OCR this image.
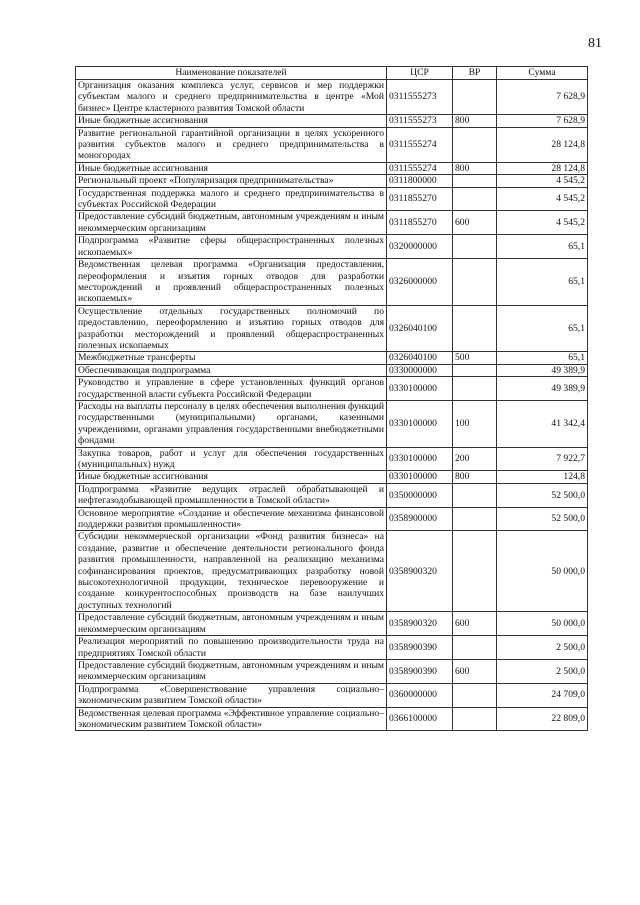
81
Наименование показателей	ЦСР	ВР	Сумма
Организация оказания комплекса услуг, сервисов и мер поддержки субъектам малого и среднего предпринимательства в центре «Мой бизнес» Центре кластерного развития Томской области	0311555273		7 628,9
Иные бюджетные ассигнования	0311555273	800	7 628,9
Развитие региональной гарантийной организации в целях ускоренного развития субъектов малого и среднего предпринимательства в моногородах	0311555274		28 124,8
Иные бюджетные ассигнования	0311555274	800	28 124,8
Региональный проект «Популяризация предпринимательства»	0311800000		4 545,2
Государственная поддержка малого и среднего предпринимательства в субъектах Российской Федерации	0311855270		4 545,2
Предоставление субсидий бюджетным, автономным учреждениям и иным некоммерческим организациям	0311855270	600	4 545,2
Подпрограмма «Развитие сферы общераспространенных полезных ископаемых»	0320000000		65,1
Ведомственная целевая программа «Организация предоставления, переоформления и изъятия горных отводов для разработки месторождений и проявлений общераспространенных полезных ископаемых»	0326000000		65,1
Осуществление отдельных государственных полномочий по предоставлению, переоформлению и изъятию горных отводов для разработки месторождений и проявлений общераспространенных полезных ископаемых	0326040100		65,1
Межбюджетные трансферты	0326040100	500	65,1
Обеспечивающая подпрограмма	0330000000		49 389,9
Руководство и управление в сфере установленных функций органов государственной власти субъекта Российской Федерации	0330100000		49 389,9
Расходы на выплаты персоналу в целях обеспечения выполнения функций государственными (муниципальными) органами, казенными учреждениями, органами управления государственными внебюджетными фондами	0330100000	100	41 342,4
Закупка товаров, работ и услуг для обеспечения государственных (муниципальных) нужд	0330100000	200	7 922,7
Иные бюджетные ассигнования	0330100000	800	124,8
Подпрограмма «Развитие ведущих отраслей обрабатывающей и нефтегазодобывающей промышленности в Томской области»	0350000000		52 500,0
Основное мероприятие «Создание и обеспечение механизма финансовой поддержки развития промышленности»	0358900000		52 500,0
Субсидии некоммерческой организации «Фонд развития бизнеса» на создание, развитие и обеспечение деятельности регионального фонда развития промышленности, направленной на реализацию механизма софинансирования проектов, предусматривающих разработку новой высокотехнологичной продукции, техническое перевооружение и создание конкурентоспособных производств на базе наилучших доступных технологий	0358900320		50 000,0
Предоставление субсидий бюджетным, автономным учреждениям и иным некоммерческим организациям	0358900320	600	50 000,0
Реализация мероприятий по повышению производительности труда на предприятиях Томской области	0358900390		2 500,0
Предоставление субсидий бюджетным, автономным учреждениям и иным некоммерческим организациям	0358900390	600	2 500,0
Подпрограмма «Совершенствование управления социально–экономическим развитием Томской области»	0360000000		24 709,0
Ведомственная целевая программа «Эффективное управление социально–экономическим развитием Томской области»	0366100000		22 809,0
